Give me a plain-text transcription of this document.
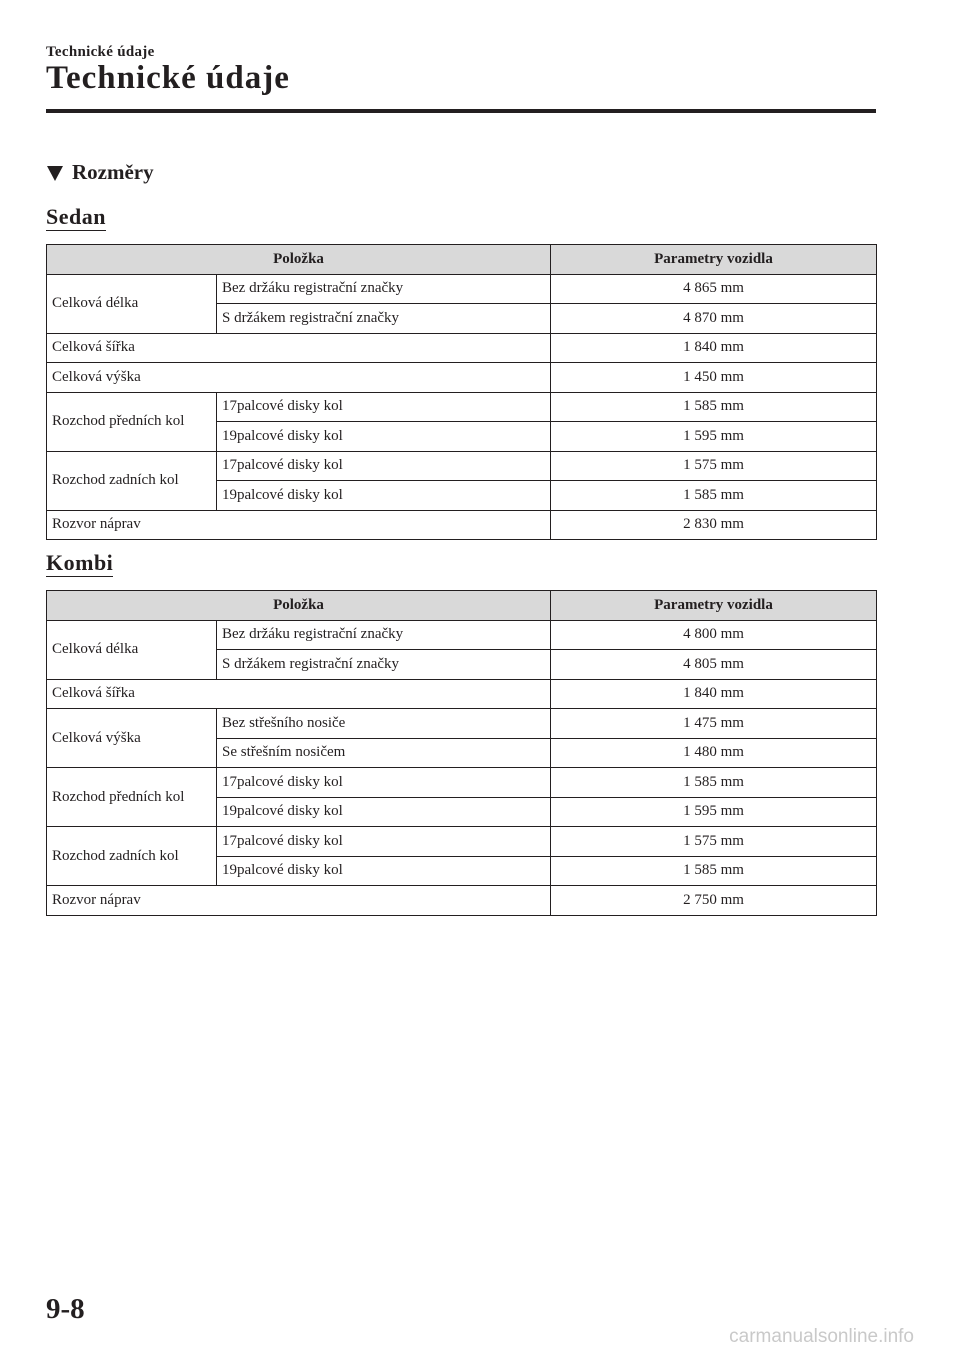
Technické údaje
Technické údaje
Rozměry
Sedan
Položka		Parametry vozidla
Celková délka	Bez držáku registrační značky	4 865 mm
	S držákem registrační značky	4 870 mm
Celková šířka		1 840 mm
Celková výška		1 450 mm
Rozchod předních kol	17palcové disky kol	1 585 mm
	19palcové disky kol	1 595 mm
Rozchod zadních kol	17palcové disky kol	1 575 mm
	19palcové disky kol	1 585 mm
Rozvor náprav		2 830 mm
Kombi
Položka		Parametry vozidla
Celková délka	Bez držáku registrační značky	4 800 mm
	S držákem registrační značky	4 805 mm
Celková šířka		1 840 mm
Celková výška	Bez střešního nosiče	1 475 mm
	Se střešním nosičem	1 480 mm
Rozchod předních kol	17palcové disky kol	1 585 mm
	19palcové disky kol	1 595 mm
Rozchod zadních kol	17palcové disky kol	1 575 mm
	19palcové disky kol	1 585 mm
Rozvor náprav		2 750 mm
9-8
carmanualsonline.info
